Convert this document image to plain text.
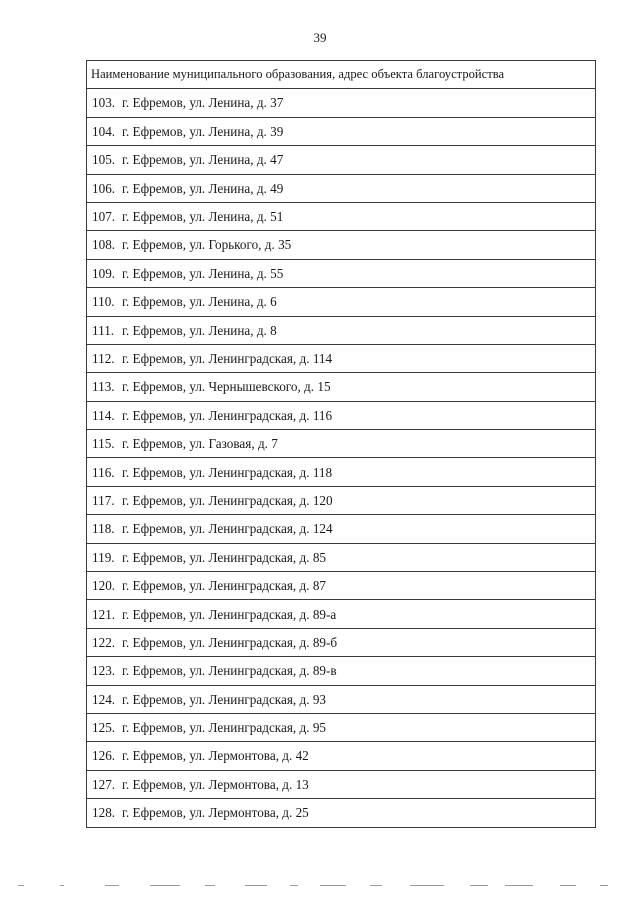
39
Наименование муниципального образования, адрес объекта благоустройства
103. г. Ефремов, ул. Ленина, д. 37
104. г. Ефремов, ул. Ленина, д. 39
105. г. Ефремов, ул. Ленина, д. 47
106. г. Ефремов, ул. Ленина, д. 49
107. г. Ефремов, ул. Ленина, д. 51
108. г. Ефремов, ул. Горького, д. 35
109. г. Ефремов, ул. Ленина, д. 55
110. г. Ефремов, ул. Ленина, д. 6
111. г. Ефремов, ул. Ленина, д. 8
112. г. Ефремов, ул. Ленинградская, д. 114
113. г. Ефремов, ул. Чернышевского, д. 15
114. г. Ефремов, ул. Ленинградская, д. 116
115. г. Ефремов, ул. Газовая, д. 7
116. г. Ефремов, ул. Ленинградская, д. 118
117. г. Ефремов, ул. Ленинградская, д. 120
118. г. Ефремов, ул. Ленинградская, д. 124
119. г. Ефремов, ул. Ленинградская, д. 85
120. г. Ефремов, ул. Ленинградская, д. 87
121. г. Ефремов, ул. Ленинградская, д. 89-а
122. г. Ефремов, ул. Ленинградская, д. 89-б
123. г. Ефремов, ул. Ленинградская, д. 89-в
124. г. Ефремов, ул. Ленинградская, д. 93
125. г. Ефремов, ул. Ленинградская, д. 95
126. г. Ефремов, ул. Лермонтова, д. 42
127. г. Ефремов, ул. Лермонтова, д. 13
128. г. Ефремов, ул. Лермонтова, д. 25
